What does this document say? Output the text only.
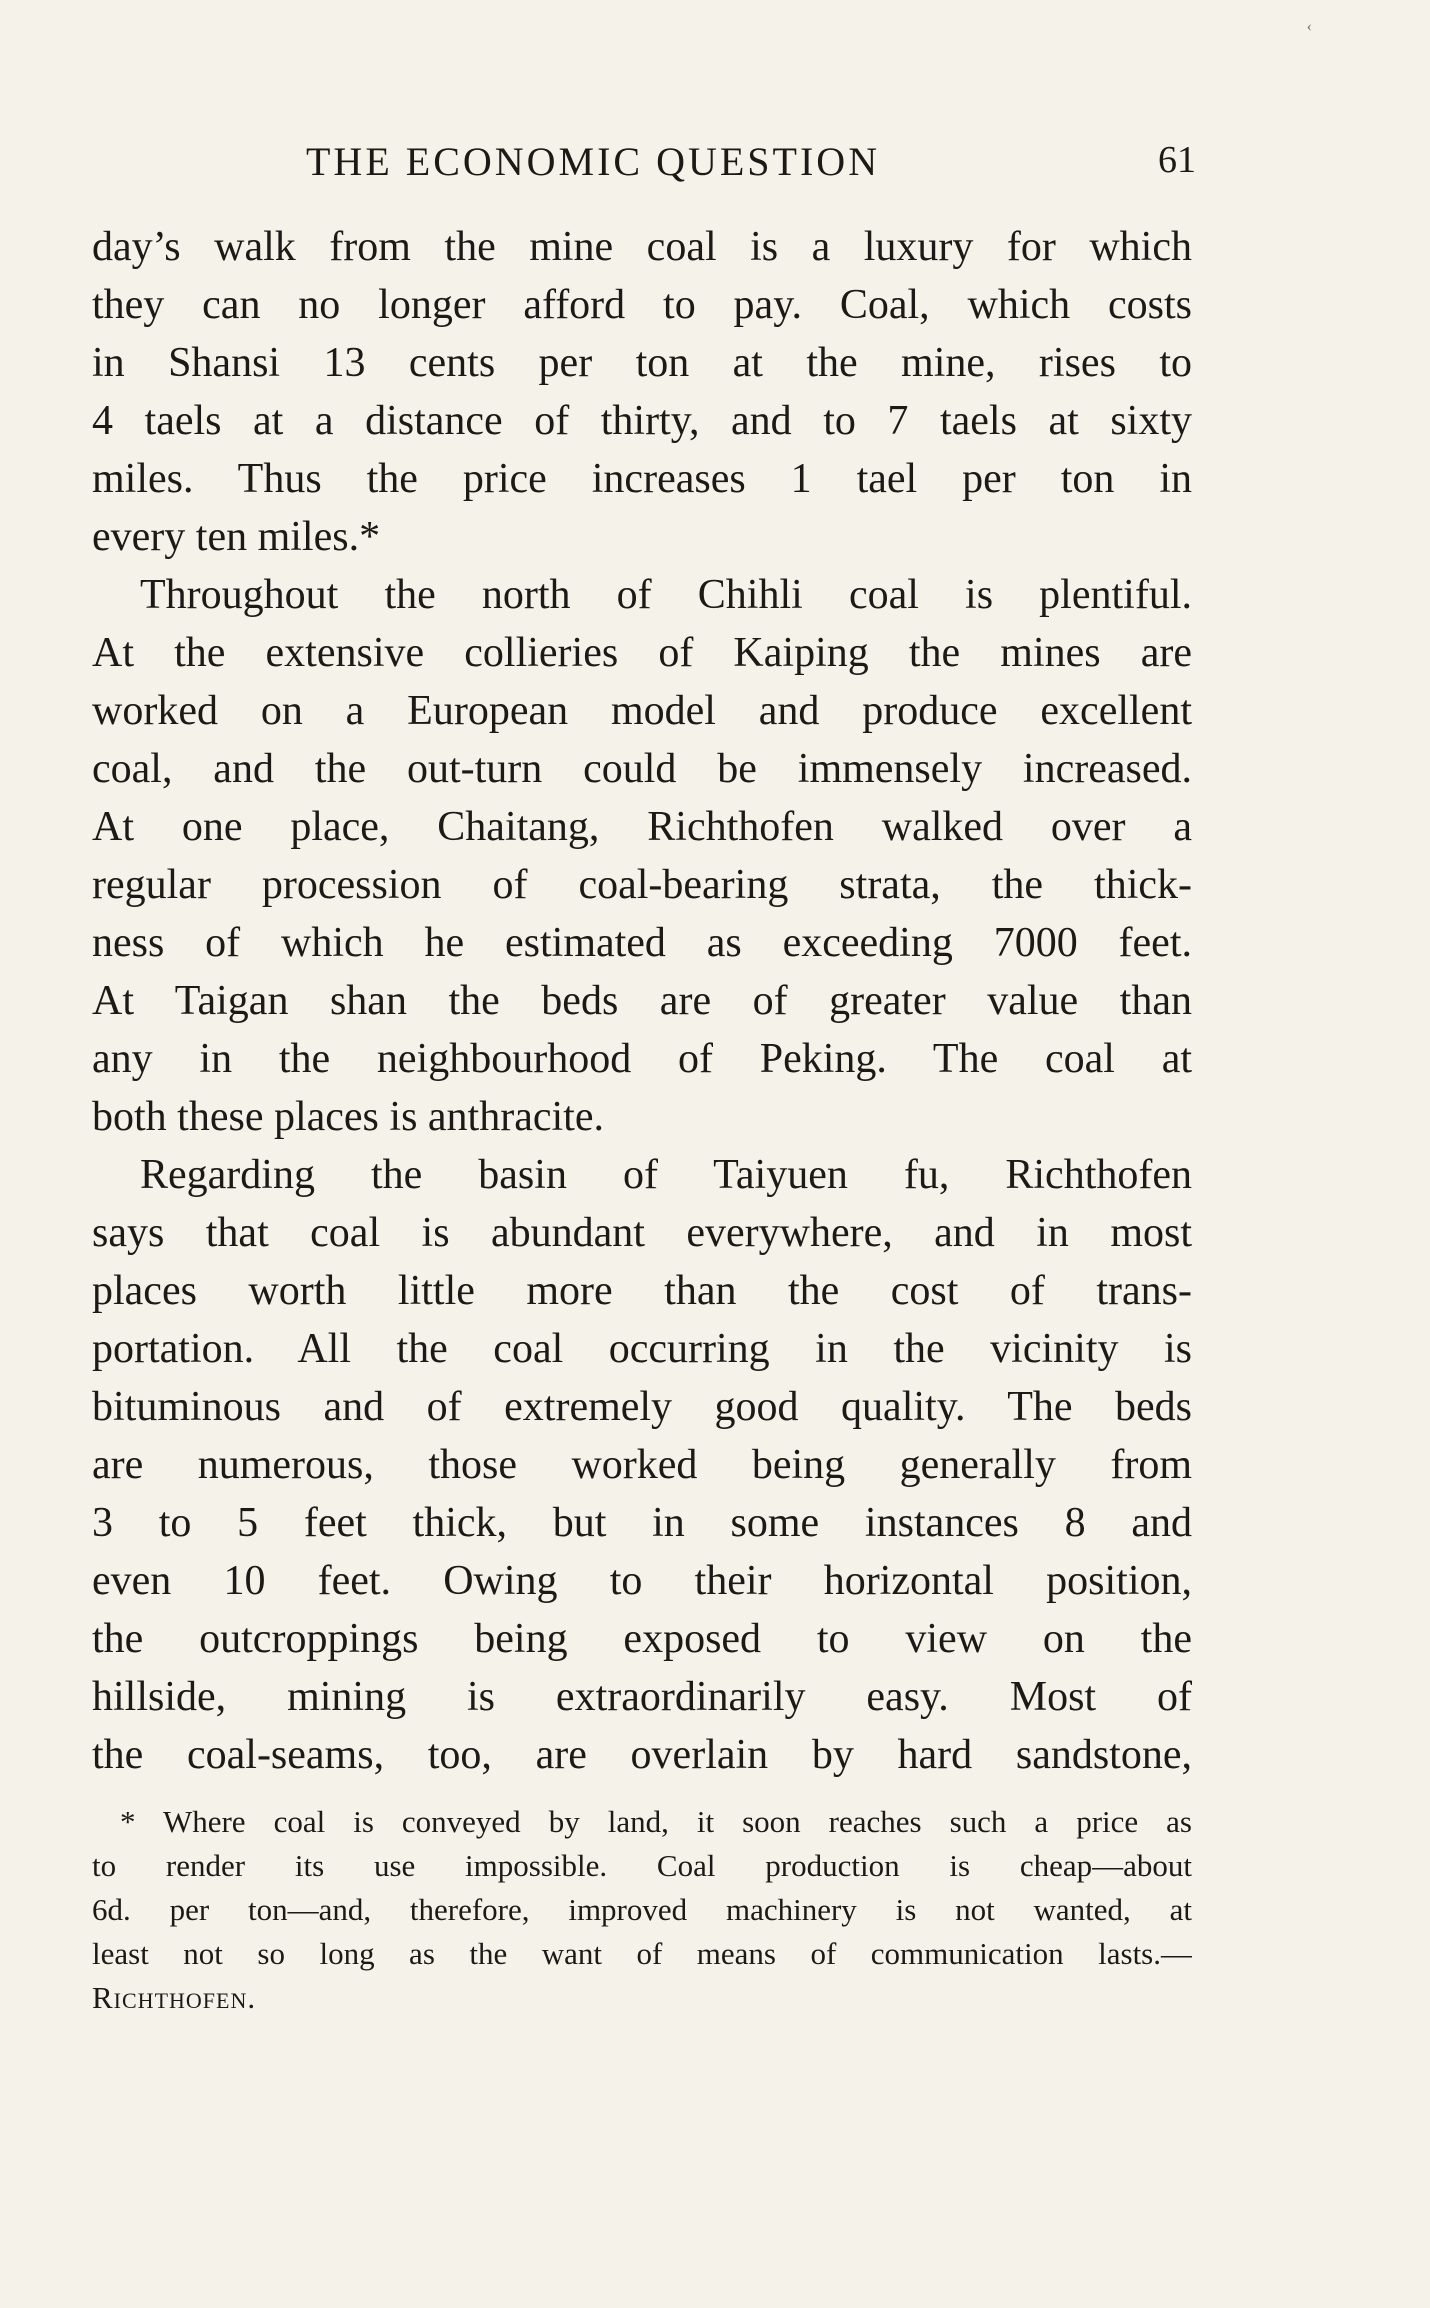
‹
THE ECONOMIC QUESTION	61
day’s walk from the mine coal is a luxury for which
they can no longer afford to pay. Coal, which costs
in Shansi 13 cents per ton at the mine, rises to
4 taels at a distance of thirty, and to 7 taels at sixty
miles. Thus the price increases 1 tael per ton in
every ten miles.*
Throughout the north of Chihli coal is plentiful.
At the extensive collieries of Kaiping the mines are
worked on a European model and produce excellent
coal, and the out-turn could be immensely increased.
At one place, Chaitang, Richthofen walked over a
regular procession of coal-bearing strata, the thick-
ness of which he estimated as exceeding 7000 feet.
At Taigan shan the beds are of greater value than
any in the neighbourhood of Peking. The coal at
both these places is anthracite.
Regarding the basin of Taiyuen fu, Richthofen
says that coal is abundant everywhere, and in most
places worth little more than the cost of trans-
portation. All the coal occurring in the vicinity is
bituminous and of extremely good quality. The beds
are numerous, those worked being generally from
3 to 5 feet thick, but in some instances 8 and
even 10 feet. Owing to their horizontal position,
the outcroppings being exposed to view on the
hillside, mining is extraordinarily easy. Most of
the coal-seams, too, are overlain by hard sandstone,
* Where coal is conveyed by land, it soon reaches such a price as
to render its use impossible. Coal production is cheap—about
6d. per ton—and, therefore, improved machinery is not wanted, at
least not so long as the want of means of communication lasts.—
Richthofen.
